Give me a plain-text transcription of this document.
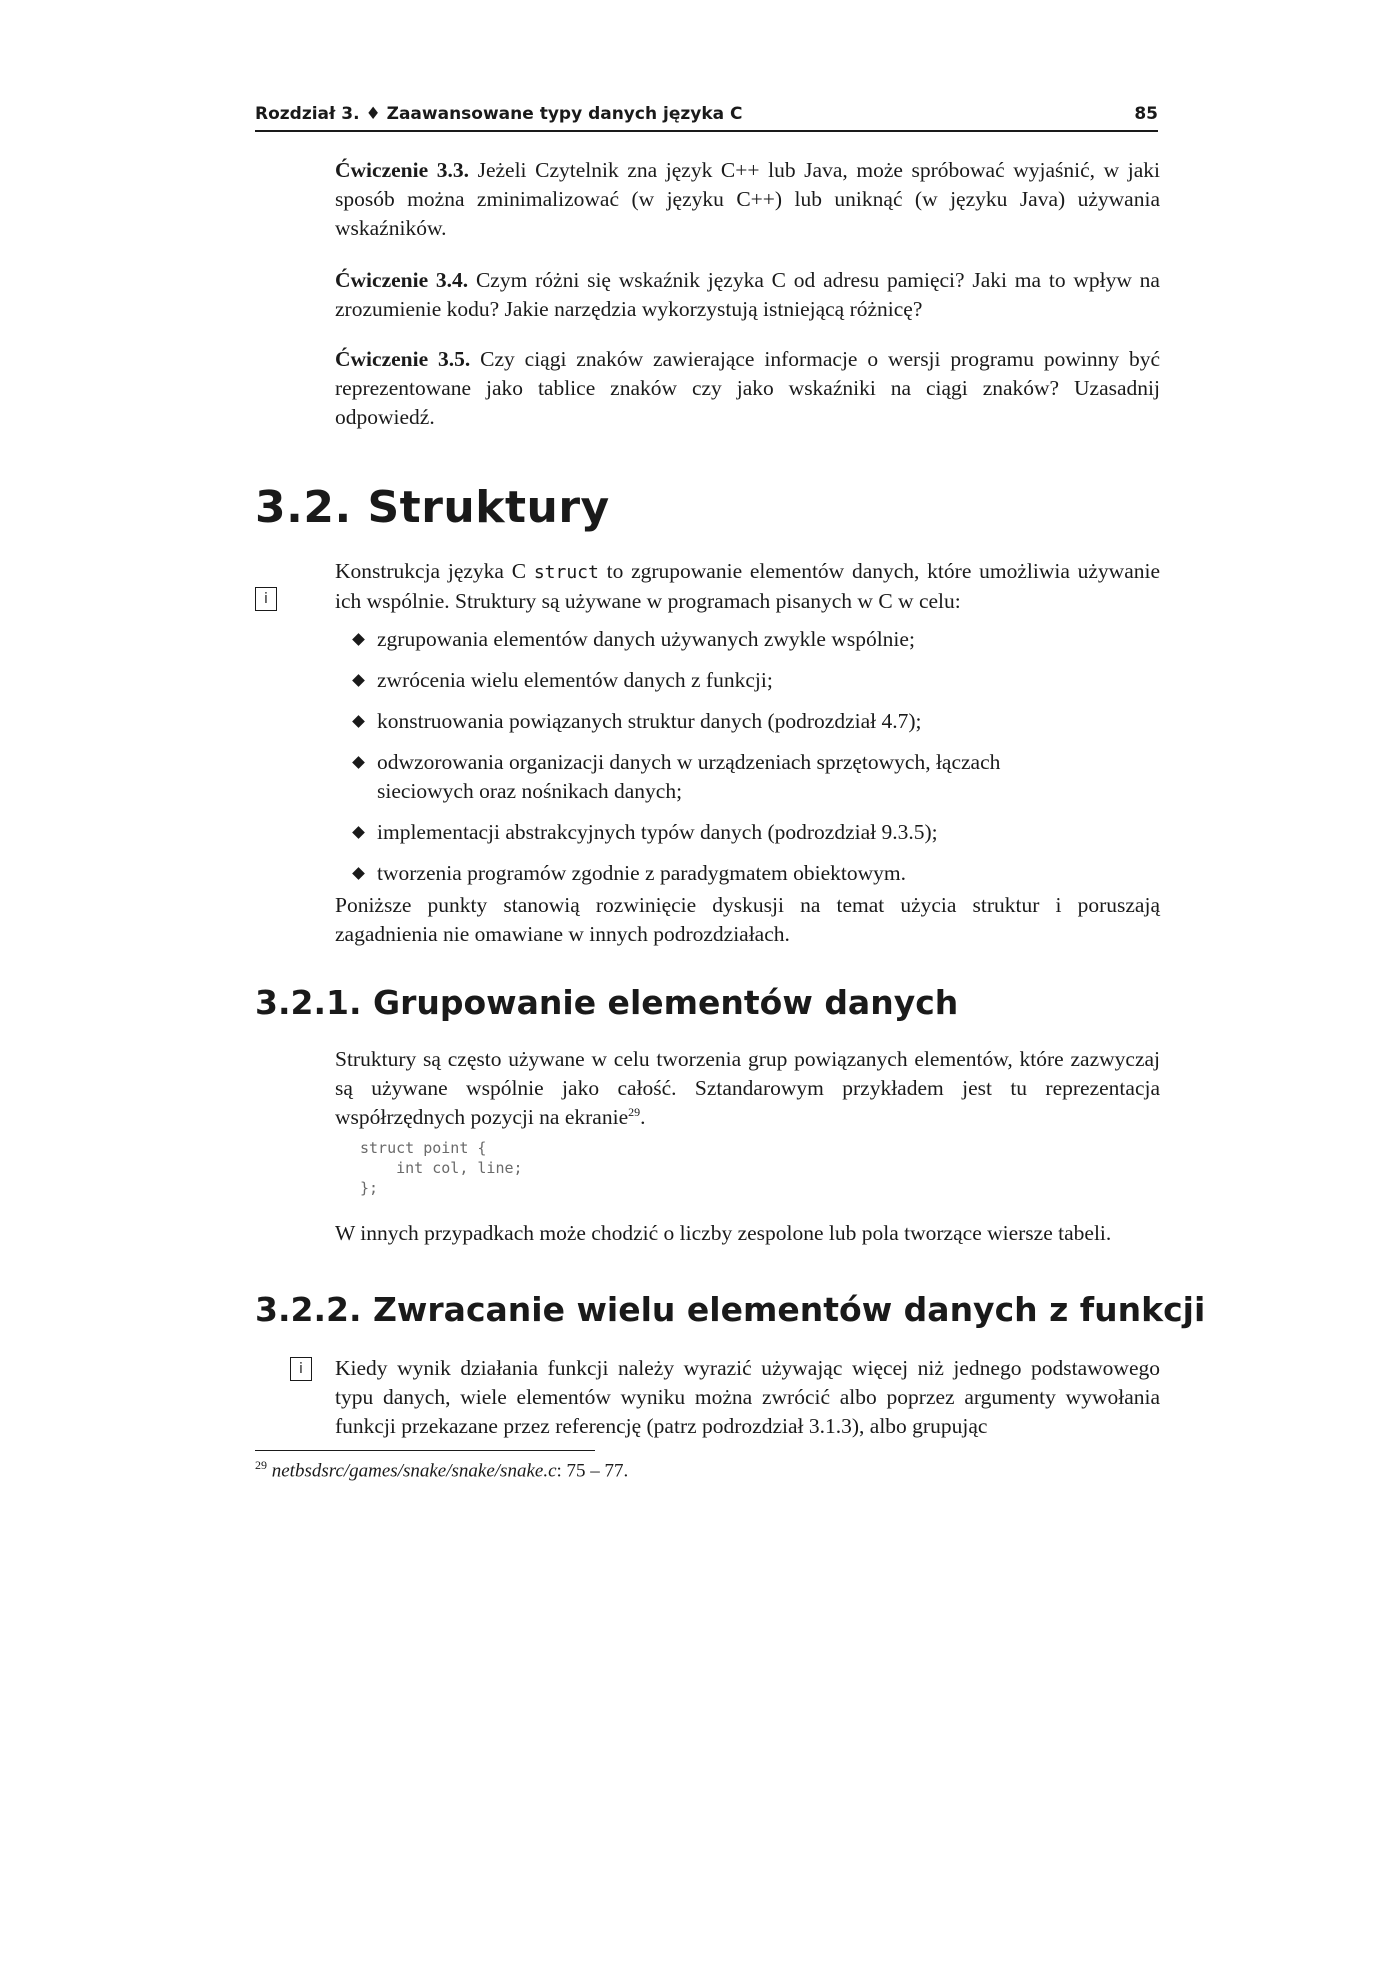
Rozdział 3. ♦ Zaawansowane typy danych języka C	85

Ćwiczenie 3.3. Jeżeli Czytelnik zna język C++ lub Java, może spróbować wyjaśnić, w jaki sposób można zminimalizować (w języku C++) lub uniknąć (w języku Java) używania wskaźników.

Ćwiczenie 3.4. Czym różni się wskaźnik języka C od adresu pamięci? Jaki ma to wpływ na zrozumienie kodu? Jakie narzędzia wykorzystują istniejącą różnicę?

Ćwiczenie 3.5. Czy ciągi znaków zawierające informacje o wersji programu powinny być reprezentowane jako tablice znaków czy jako wskaźniki na ciągi znaków? Uzasadnij odpowiedź.

3.2. Struktury
i
Konstrukcja języka C struct to zgrupowanie elementów danych, które umożliwia używanie ich wspólnie. Struktury są używane w programach pisanych w C w celu:
zgrupowania elementów danych używanych zwykle wspólnie;
zwrócenia wielu elementów danych z funkcji;
konstruowania powiązanych struktur danych (podrozdział 4.7);
odwzorowania organizacji danych w urządzeniach sprzętowych, łączach sieciowych oraz nośnikach danych;
implementacji abstrakcyjnych typów danych (podrozdział 9.3.5);
tworzenia programów zgodnie z paradygmatem obiektowym.
Poniższe punkty stanowią rozwinięcie dyskusji na temat użycia struktur i poruszają zagadnienia nie omawiane w innych podrozdziałach.
3.2.1. Grupowanie elementów danych
Struktury są często używane w celu tworzenia grup powiązanych elementów, które zazwyczaj są używane wspólnie jako całość. Sztandarowym przykładem jest tu reprezentacja współrzędnych pozycji na ekranie$^{29}$.
struct point {
int col, line;
};
W innych przypadkach może chodzić o liczby zespolone lub pola tworzące wiersze tabeli.
3.2.2. Zwracanie wielu elementów danych z funkcji
i	Kiedy wynik działania funkcji należy wyrazić używając więcej niż jednego podstawowego typu danych, wiele elementów wyniku można zwrócić albo poprzez argumenty wywołania funkcji przekazane przez referencję (patrz podrozdział 3.1.3), albo grupując
$^{29}$ netbsdsrc/games/snake/snake/snake.c: 75 – 77.
